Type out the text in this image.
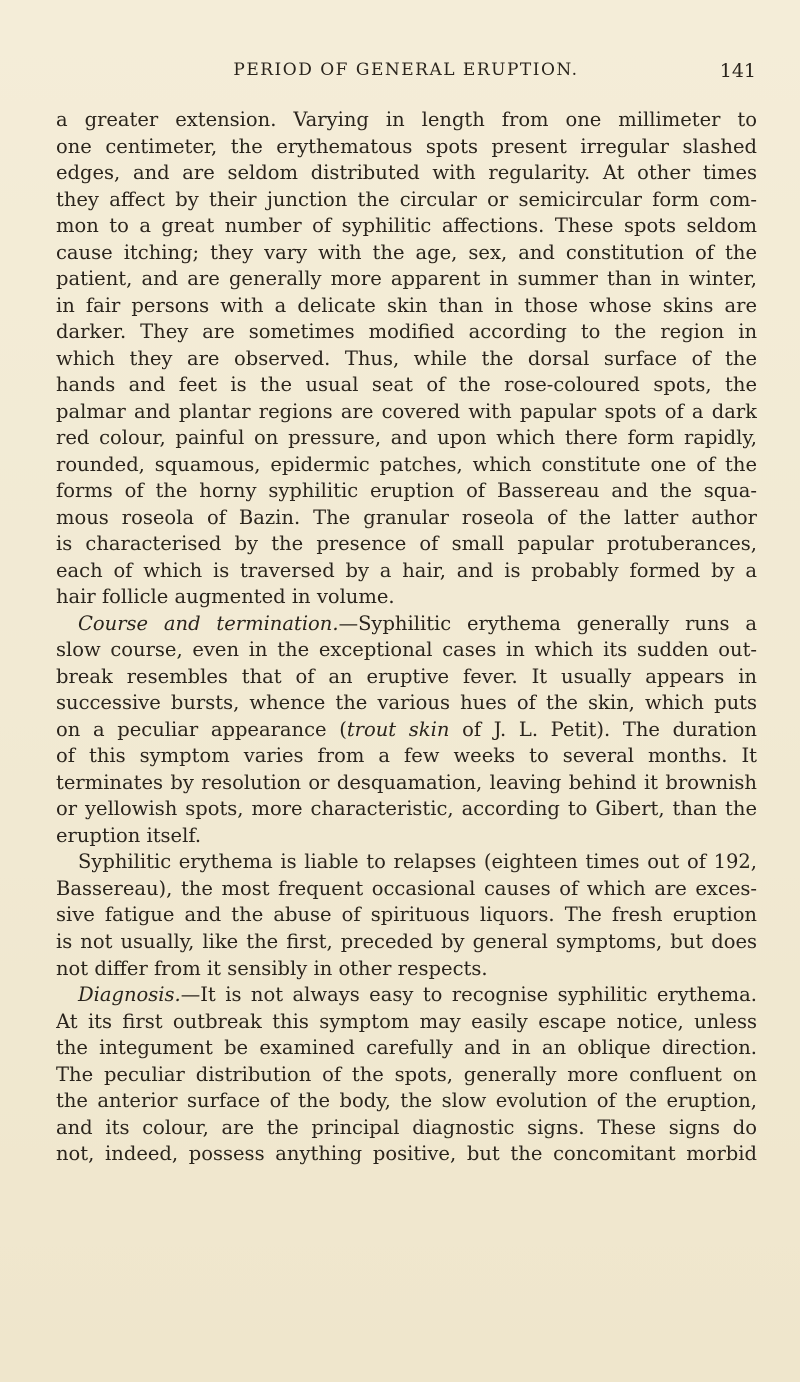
PERIOD OF GENERAL ERUPTION.	141
a greater extension. Varying in length from one millimeter to
one centimeter, the erythematous spots present irregular slashed
edges, and are seldom distributed with regularity. At other times
they affect by their junction the circular or semicircular form com-
mon to a great number of syphilitic affections. These spots seldom
cause itching; they vary with the age, sex, and constitution of the
patient, and are generally more apparent in summer than in winter,
in fair persons with a delicate skin than in those whose skins are
darker. They are sometimes modified according to the region in
which they are observed. Thus, while the dorsal surface of the
hands and feet is the usual seat of the rose-coloured spots, the
palmar and plantar regions are covered with papular spots of a dark
red colour, painful on pressure, and upon which there form rapidly,
rounded, squamous, epidermic patches, which constitute one of the
forms of the horny syphilitic eruption of Bassereau and the squa-
mous roseola of Bazin. The granular roseola of the latter author
is characterised by the presence of small papular protuberances,
each of which is traversed by a hair, and is probably formed by a
hair follicle augmented in volume.
Course and termination.—Syphilitic erythema generally runs a
slow course, even in the exceptional cases in which its sudden out-
break resembles that of an eruptive fever. It usually appears in
successive bursts, whence the various hues of the skin, which puts
on a peculiar appearance (trout skin of J. L. Petit). The duration
of this symptom varies from a few weeks to several months. It
terminates by resolution or desquamation, leaving behind it brownish
or yellowish spots, more characteristic, according to Gibert, than the
eruption itself.
Syphilitic erythema is liable to relapses (eighteen times out of 192,
Bassereau), the most frequent occasional causes of which are exces-
sive fatigue and the abuse of spirituous liquors. The fresh eruption
is not usually, like the first, preceded by general symptoms, but does
not differ from it sensibly in other respects.
Diagnosis.—It is not always easy to recognise syphilitic erythema.
At its first outbreak this symptom may easily escape notice, unless
the integument be examined carefully and in an oblique direction.
The peculiar distribution of the spots, generally more confluent on
the anterior surface of the body, the slow evolution of the eruption,
and its colour, are the principal diagnostic signs. These signs do
not, indeed, possess anything positive, but the concomitant morbid
